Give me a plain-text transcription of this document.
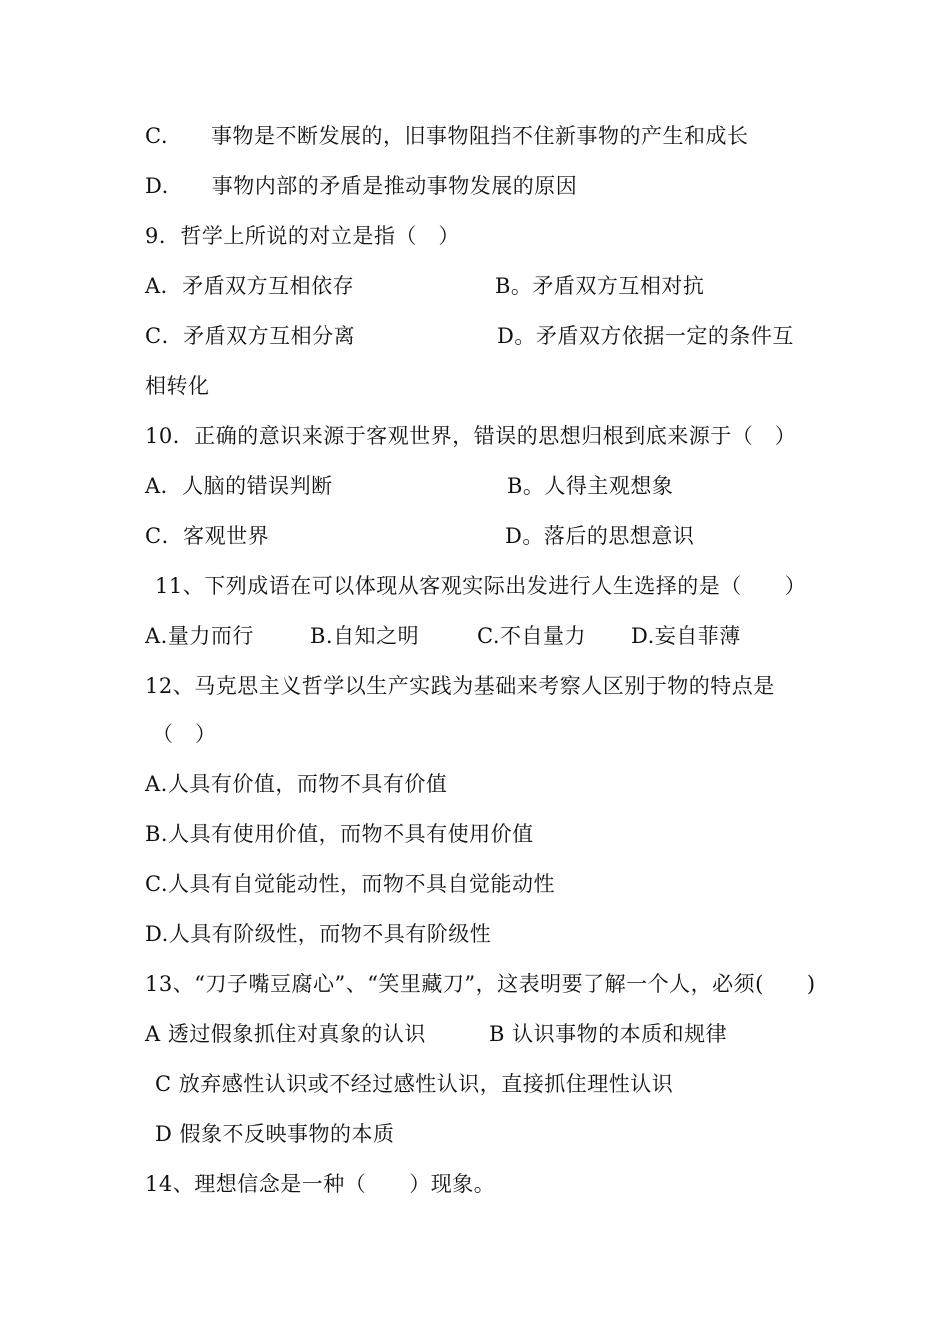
C.　　事物是不断发展的，旧事物阻挡不住新事物的产生和成长
D.　　事物内部的矛盾是推动事物发展的原因
9．哲学上所说的对立是指（　）
A．矛盾双方互相依存	B。矛盾双方互相对抗
C．矛盾双方互相分离	D。矛盾双方依据一定的条件互
相转化
10．正确的意识来源于客观世界，错误的思想归根到底来源于（　）
A．人脑的错误判断	B。人得主观想象
C．客观世界	D。落后的思想意识
11、下列成语在可以体现从客观实际出发进行人生选择的是（　　）
A.量力而行	B.自知之明	C.不自量力 D.妄自菲薄
12、马克思主义哲学以生产实践为基础来考察人区别于物的特点是
（　）
A.人具有价值，而物不具有价值
B.人具有使用价值，而物不具有使用价值
C.人具有自觉能动性，而物不具自觉能动性
D.人具有阶级性，而物不具有阶级性
13、“刀子嘴豆腐心”、“笑里藏刀”，这表明要了解一个人，必须(　　)
A 透过假象抓住对真象的认识	B 认识事物的本质和规律
C 放弃感性认识或不经过感性认识，直接抓住理性认识
D 假象不反映事物的本质
14、理想信念是一种（　　）现象。
